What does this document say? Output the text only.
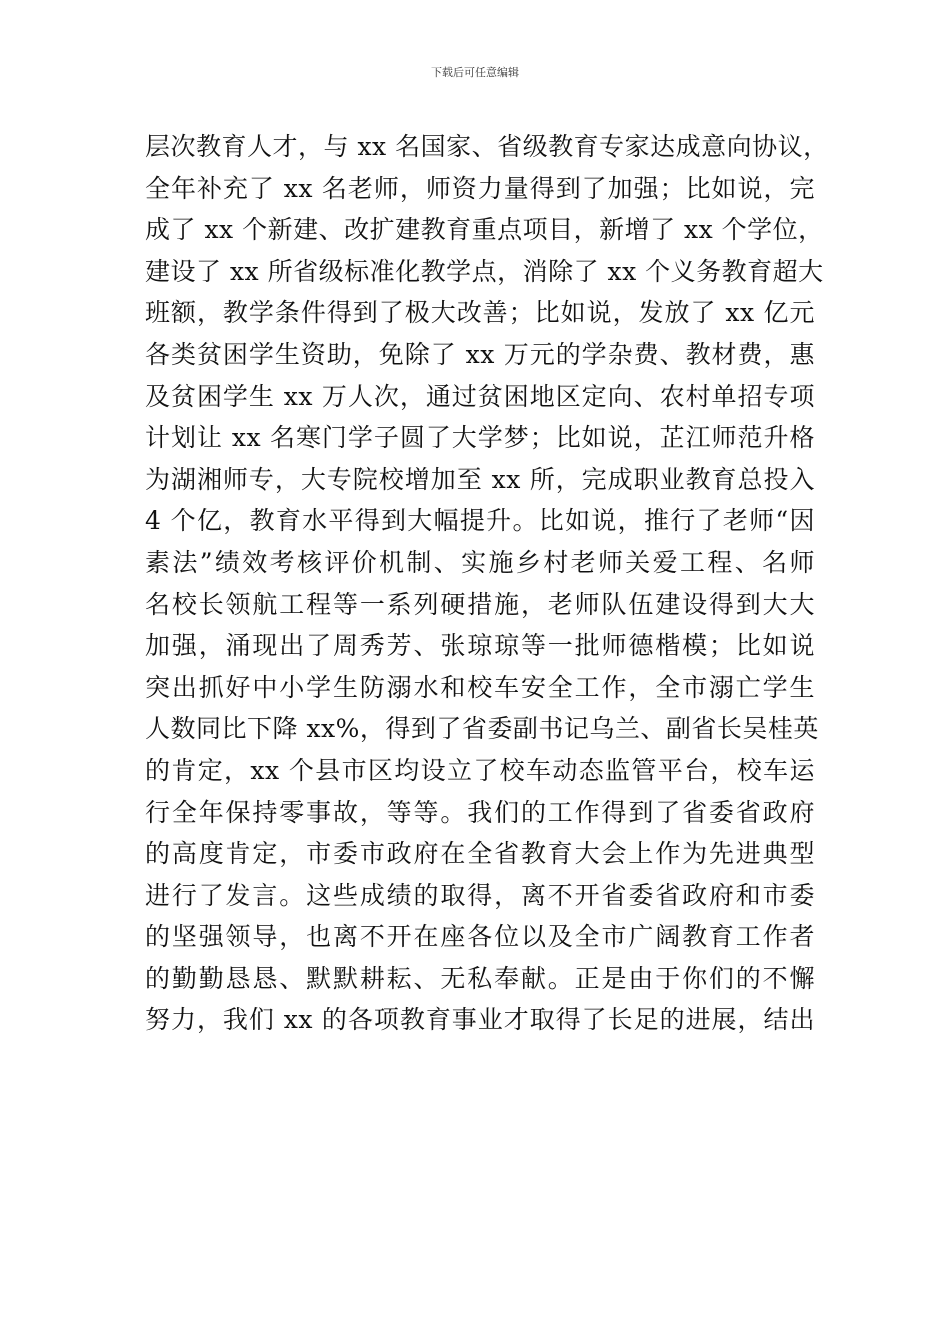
下载后可任意编辑
层次教育人才，与 xx 名国家、省级教育专家达成意向协议，
全年补充了 xx 名老师，师资力量得到了加强；比如说，完
成了 xx 个新建、改扩建教育重点项目，新增了 xx 个学位，
建设了 xx 所省级标准化教学点，消除了 xx 个义务教育超大
班额，教学条件得到了极大改善；比如说，发放了 xx 亿元
各类贫困学生资助，免除了 xx 万元的学杂费、教材费，惠
及贫困学生 xx 万人次，通过贫困地区定向、农村单招专项
计划让 xx 名寒门学子圆了大学梦；比如说，芷江师范升格
为湖湘师专，大专院校增加至 xx 所，完成职业教育总投入
4 个亿，教育水平得到大幅提升。比如说，推行了老师“因
素法”绩效考核评价机制、实施乡村老师关爱工程、名师
名校长领航工程等一系列硬措施，老师队伍建设得到大大
加强，涌现出了周秀芳、张琼琼等一批师德楷模；比如说
突出抓好中小学生防溺水和校车安全工作，全市溺亡学生
人数同比下降 xx%，得到了省委副书记乌兰、副省长吴桂英
的肯定，xx 个县市区均设立了校车动态监管平台，校车运
行全年保持零事故，等等。我们的工作得到了省委省政府
的高度肯定，市委市政府在全省教育大会上作为先进典型
进行了发言。这些成绩的取得，离不开省委省政府和市委
的坚强领导，也离不开在座各位以及全市广阔教育工作者
的勤勤恳恳、默默耕耘、无私奉献。正是由于你们的不懈
努力，我们 xx 的各项教育事业才取得了长足的进展，结出
